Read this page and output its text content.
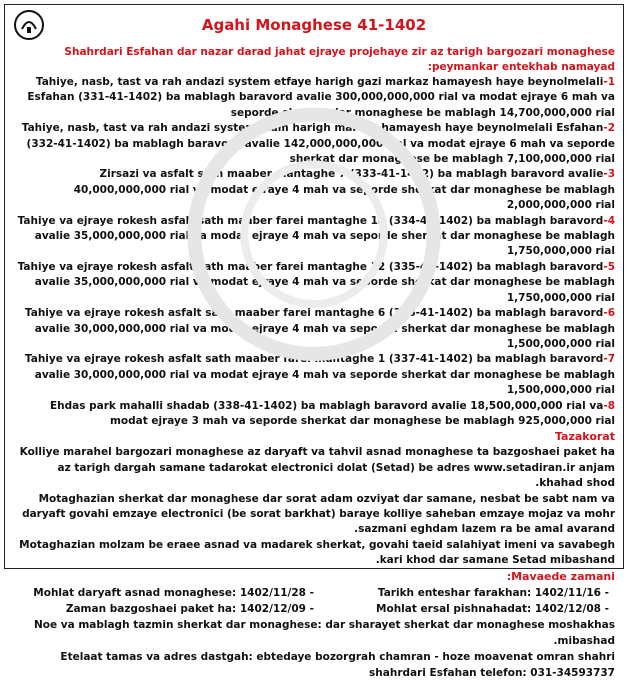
Agahi Monaghese 41-1402
Shahrdari Esfahan dar nazar darad jahat ejraye projehaye zir az tarigh bargozari monaghese peymankar entekhab namayad:
1-Tahiye, nasb, tast va rah andazi system etfaye harigh gazi markaz hamayesh haye beynolmelali Esfahan (331-41-1402) ba mablagh baravord avalie 300,000,000,000 rial va modat ejraye 6 mah va seporde sherkat dar monaghese be mablagh 14,700,000,000 rial
2-Tahiye, nasb, tast va rah andazi system elam harigh markaz hamayesh haye beynolmelali Esfahan (332-41-1402) ba mablagh baravord avalie 142,000,000,000 rial va modat ejraye 6 mah va seporde sherkat dar monaghese be mablagh 7,100,000,000 rial
3-Zirsazi va asfalt sath maaber mantaghe 7 (333-41-1402) ba mablagh baravord avalie 40,000,000,000 rial va modat ejraye 4 mah va seporde sherkat dar monaghese be mablagh 2,000,000,000 rial
4-Tahiye va ejraye rokesh asfalt sath maaber farei mantaghe 13 (334-41-1402) ba mablagh baravord avalie 35,000,000,000 rial va modat ejraye 4 mah va seporde sherkat dar monaghese be mablagh 1,750,000,000 rial
5-Tahiye va ejraye rokesh asfalt sath maaber farei mantaghe 12 (335-41-1402) ba mablagh baravord avalie 35,000,000,000 rial va modat ejraye 4 mah va seporde sherkat dar monaghese be mablagh 1,750,000,000 rial
6-Tahiye va ejraye rokesh asfalt sath maaber farei mantaghe 6 (336-41-1402) ba mablagh baravord avalie 30,000,000,000 rial va modat ejraye 4 mah va seporde sherkat dar monaghese be mablagh 1,500,000,000 rial
7-Tahiye va ejraye rokesh asfalt sath maaber farei mantaghe 1 (337-41-1402) ba mablagh baravord avalie 30,000,000,000 rial va modat ejraye 4 mah va seporde sherkat dar monaghese be mablagh 1,500,000,000 rial
8-Ehdas park mahalli shadab (338-41-1402) ba mablagh baravord avalie 18,500,000,000 rial va modat ejraye 3 mah va seporde sherkat dar monaghese be mablagh 925,000,000 rial
Tazakorat
Kolliye marahel bargozari monaghese az daryaft va tahvil asnad monaghese ta bazgoshaei paket ha az tarigh dargah samane tadarokat electronici dolat (Setad) be adres www.setadiran.ir anjam khahad shod.
Motaghazian sherkat dar monaghese dar sorat adam ozviyat dar samane, nesbat be sabt nam va daryaft govahi emzaye electronici (be sorat barkhat) baraye kolliye saheban emzaye mojaz va mohr sazmani eghdam lazem ra be amal avarand.
Motaghazian molzam be eraee asnad va madarek sherkat, govahi taeid salahiyat imeni va savabegh kari khod dar samane Setad mibashand.
Mavaede zamani:
- Tarikh enteshar farakhan: 1402/11/16
- Mohlat daryaft asnad monaghese: 1402/11/28
- Mohlat ersal pishnahadat: 1402/12/08
- Zaman bazgoshaei paket ha: 1402/12/09
Noe va mablagh tazmin sherkat dar monaghese: dar sharayet sherkat dar monaghese moshakhas mibashad.
Etelaat tamas va adres dastgah: ebtedaye bozorgrah chamran - hoze moavenat omran shahri shahrdari Esfahan telefon: 031-34593737
